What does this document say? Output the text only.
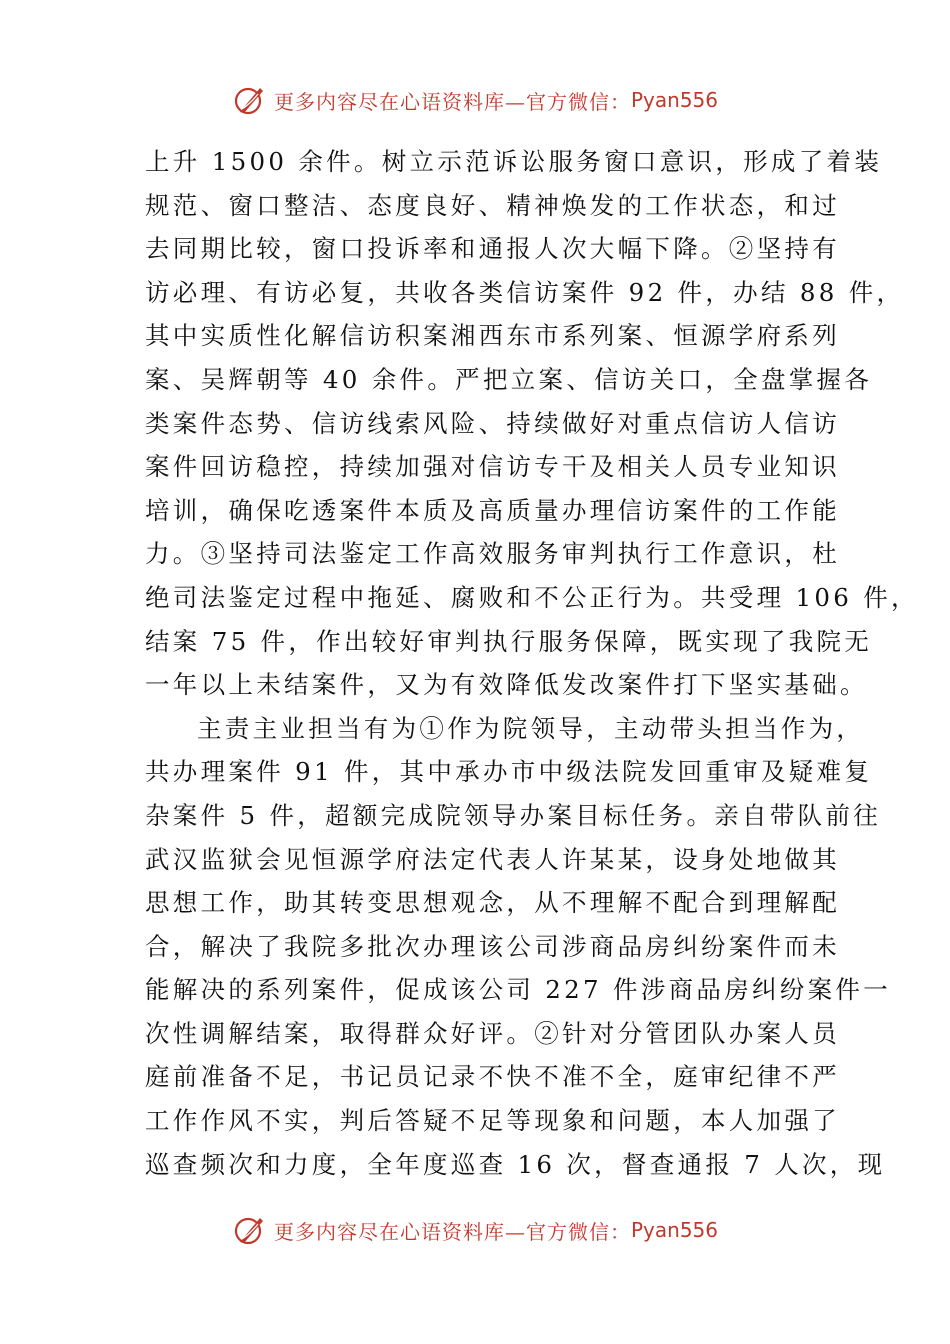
更多内容尽在心语资料库—官方微信： Pyan556
上升 1500 余件。树立示范诉讼服务窗口意识，形成了着装
规范、窗口整洁、态度良好、精神焕发的工作状态，和过
去同期比较，窗口投诉率和通报人次大幅下降。②坚持有
访必理、有访必复，共收各类信访案件 92 件，办结 88 件，
其中实质性化解信访积案湘西东市系列案、恒源学府系列
案、吴辉朝等 40 余件。严把立案、信访关口，全盘掌握各
类案件态势、信访线索风险、持续做好对重点信访人信访
案件回访稳控，持续加强对信访专干及相关人员专业知识
培训，确保吃透案件本质及高质量办理信访案件的工作能
力。③坚持司法鉴定工作高效服务审判执行工作意识，杜
绝司法鉴定过程中拖延、腐败和不公正行为。共受理 106 件，
结案 75 件，作出较好审判执行服务保障，既实现了我院无
一年以上未结案件，又为有效降低发改案件打下坚实基础。
主责主业担当有为①作为院领导，主动带头担当作为，
共办理案件 91 件，其中承办市中级法院发回重审及疑难复
杂案件 5 件，超额完成院领导办案目标任务。亲自带队前往
武汉监狱会见恒源学府法定代表人许某某，设身处地做其
思想工作，助其转变思想观念，从不理解不配合到理解配
合，解决了我院多批次办理该公司涉商品房纠纷案件而未
能解决的系列案件，促成该公司 227 件涉商品房纠纷案件一
次性调解结案，取得群众好评。②针对分管团队办案人员
庭前准备不足，书记员记录不快不准不全，庭审纪律不严
工作作风不实，判后答疑不足等现象和问题，本人加强了
巡查频次和力度，全年度巡查 16 次，督查通报 7 人次，现
更多内容尽在心语资料库—官方微信： Pyan556
